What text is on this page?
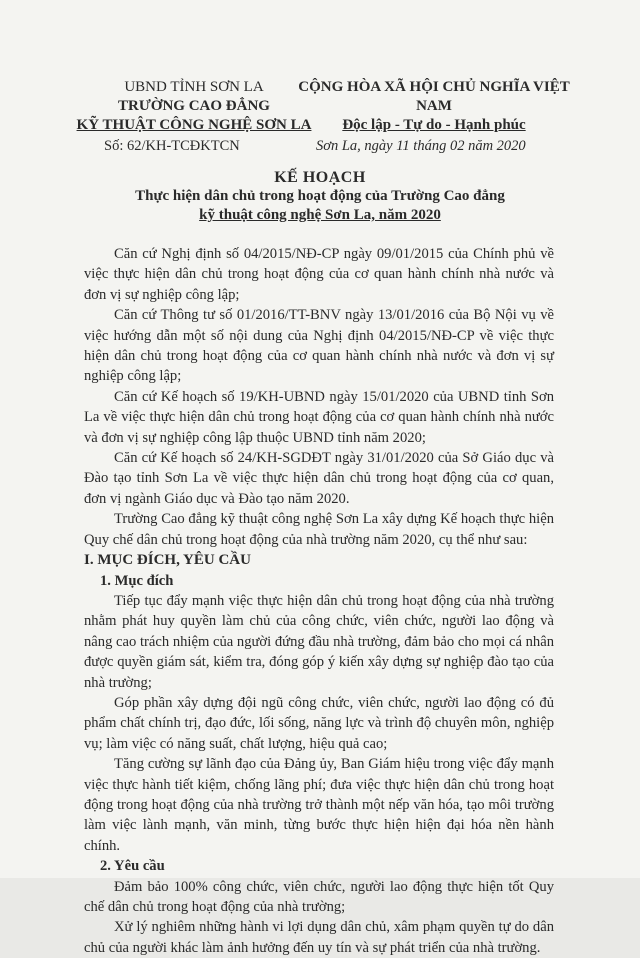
UBND TỈNH SƠN LA
TRƯỜNG CAO ĐẲNG
KỸ THUẬT CÔNG NGHỆ SƠN LA
CỘNG HÒA XÃ HỘI CHỦ NGHĨA VIỆT NAM
Độc lập - Tự do - Hạnh phúc
Số: 62/KH-TCĐKTCN	Sơn La, ngày 11 tháng 02 năm 2020
KẾ HOẠCH
Thực hiện dân chủ trong hoạt động của Trường Cao đẳng
kỹ thuật công nghệ Sơn La, năm 2020

Căn cứ Nghị định số 04/2015/NĐ-CP ngày 09/01/2015 của Chính phủ về việc thực hiện dân chủ trong hoạt động của cơ quan hành chính nhà nước và đơn vị sự nghiệp công lập;

Căn cứ Thông tư số 01/2016/TT-BNV ngày 13/01/2016 của Bộ Nội vụ về việc hướng dẫn một số nội dung của Nghị định 04/2015/NĐ-CP về việc thực hiện dân chủ trong hoạt động của cơ quan hành chính nhà nước và đơn vị sự nghiệp công lập;

Căn cứ Kế hoạch số 19/KH-UBND ngày 15/01/2020 của UBND tỉnh Sơn La về việc thực hiện dân chủ trong hoạt động của cơ quan hành chính nhà nước và đơn vị sự nghiệp công lập thuộc UBND tỉnh năm 2020;

Căn cứ Kế hoạch số 24/KH-SGDĐT ngày 31/01/2020 của Sở Giáo dục và Đào tạo tỉnh Sơn La về việc thực hiện dân chủ trong hoạt động của cơ quan, đơn vị ngành Giáo dục và Đào tạo năm 2020.

Trường Cao đẳng kỹ thuật công nghệ Sơn La xây dựng Kế hoạch thực hiện Quy chế dân chủ trong hoạt động của nhà trường năm 2020, cụ thể như sau:

I. MỤC ĐÍCH, YÊU CẦU
1. Mục đích

Tiếp tục đẩy mạnh việc thực hiện dân chủ trong hoạt động của nhà trường nhằm phát huy quyền làm chủ của công chức, viên chức, người lao động và nâng cao trách nhiệm của người đứng đầu nhà trường, đảm bảo cho mọi cá nhân được quyền giám sát, kiểm tra, đóng góp ý kiến xây dựng sự nghiệp đào tạo của nhà trường;

Góp phần xây dựng đội ngũ công chức, viên chức, người lao động có đủ phẩm chất chính trị, đạo đức, lối sống, năng lực và trình độ chuyên môn, nghiệp vụ; làm việc có năng suất, chất lượng, hiệu quả cao;

Tăng cường sự lãnh đạo của Đảng ủy, Ban Giám hiệu trong việc đẩy mạnh việc thực hành tiết kiệm, chống lãng phí; đưa việc thực hiện dân chủ trong hoạt động trong hoạt động của nhà trường trở thành một nếp văn hóa, tạo môi trường làm việc lành mạnh, văn minh, từng bước thực hiện hiện đại hóa nền hành chính.

2. Yêu cầu

Đảm bảo 100% công chức, viên chức, người lao động thực hiện tốt Quy chế dân chủ trong hoạt động của nhà trường;

Xử lý nghiêm những hành vi lợi dụng dân chủ, xâm phạm quyền tự do dân chủ của người khác làm ảnh hưởng đến uy tín và sự phát triển của nhà trường.
